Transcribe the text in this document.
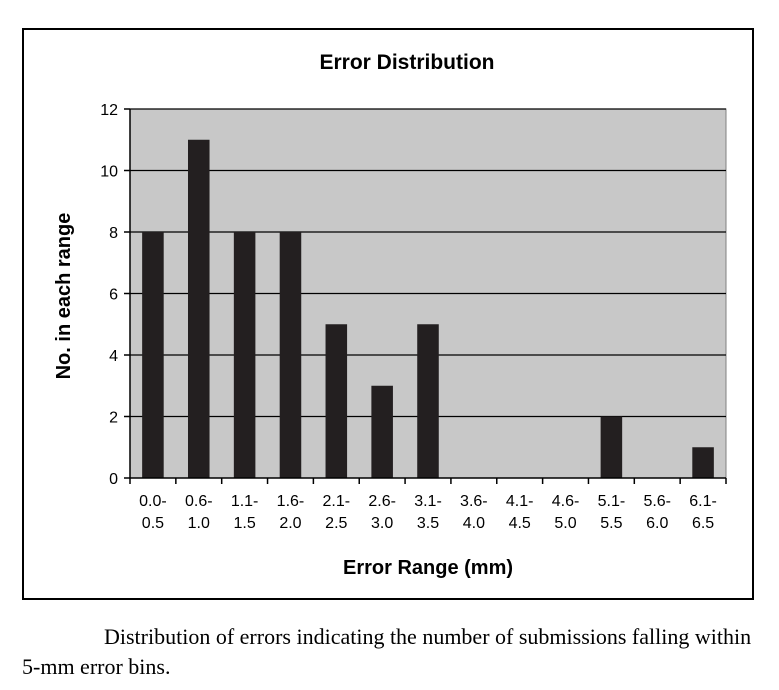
Error Distribution
0
2
4
6
8
10
12
0.0-0.5
0.6-1.0
1.1-1.5
1.6-2.0
2.1-2.5
2.6-3.0
3.1-3.5
3.6-4.0
4.1-4.5
4.6-5.0
5.1-5.5
5.6-6.0
6.1-6.5
No. in each range
Error Range (mm)

Distribution of errors indicating the number of submissions falling within 5-mm error bins.
